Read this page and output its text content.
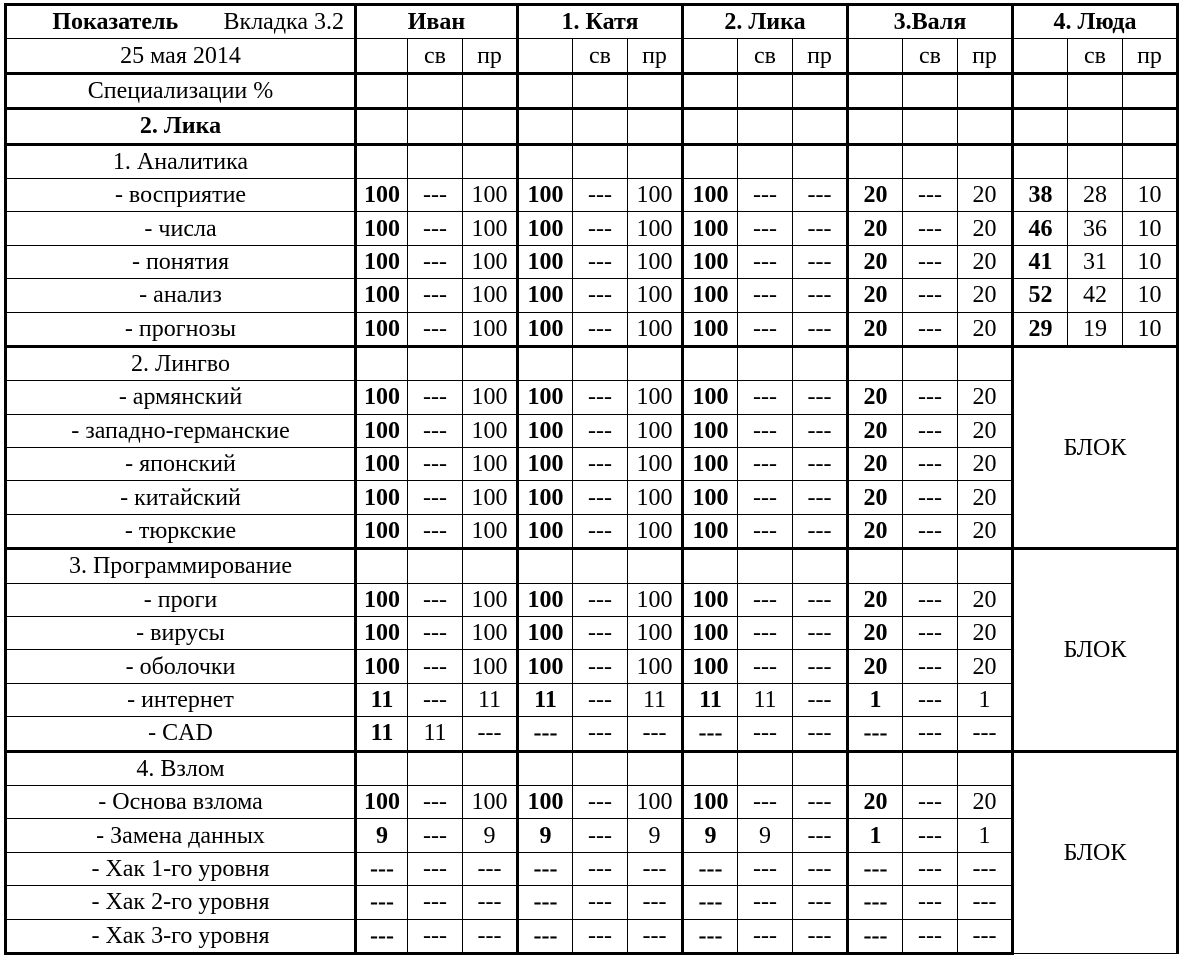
Вкладка 3.2
Показатель	Иван			1. Катя			2. Лика			3.Валя			4. Люда		
25 мая 2014		св	пр		св	пр		св	пр		св	пр		св	пр
Специализации %															
2. Лика															
1. Аналитика															
- восприятие	100	---	100	100	---	100	100	---	---	20	---	20	38	28	10
- числа	100	---	100	100	---	100	100	---	---	20	---	20	46	36	10
- понятия	100	---	100	100	---	100	100	---	---	20	---	20	41	31	10
- анализ	100	---	100	100	---	100	100	---	---	20	---	20	52	42	10
- прогнозы	100	---	100	100	---	100	100	---	---	20	---	20	29	19	10
2. Лингво													БЛОК		
- армянский	100	---	100	100	---	100	100	---	---	20	---	20			
- западно-германские	100	---	100	100	---	100	100	---	---	20	---	20			
- японский	100	---	100	100	---	100	100	---	---	20	---	20			
- китайский	100	---	100	100	---	100	100	---	---	20	---	20			
- тюркские	100	---	100	100	---	100	100	---	---	20	---	20			
3. Программирование													БЛОК		
- проги	100	---	100	100	---	100	100	---	---	20	---	20			
- вирусы	100	---	100	100	---	100	100	---	---	20	---	20			
- оболочки	100	---	100	100	---	100	100	---	---	20	---	20			
- интернет	11	---	11	11	---	11	11	11	---	1	---	1			
- CAD	11	11	---	---	---	---	---	---	---	---	---	---			
4. Взлом													БЛОК		
- Основа взлома	100	---	100	100	---	100	100	---	---	20	---	20			
- Замена данных	9	---	9	9	---	9	9	9	---	1	---	1			
- Хак 1-го уровня	---	---	---	---	---	---	---	---	---	---	---	---			
- Хак 2-го уровня	---	---	---	---	---	---	---	---	---	---	---	---			
- Хак 3-го уровня	---	---	---	---	---	---	---	---	---	---	---	---			
